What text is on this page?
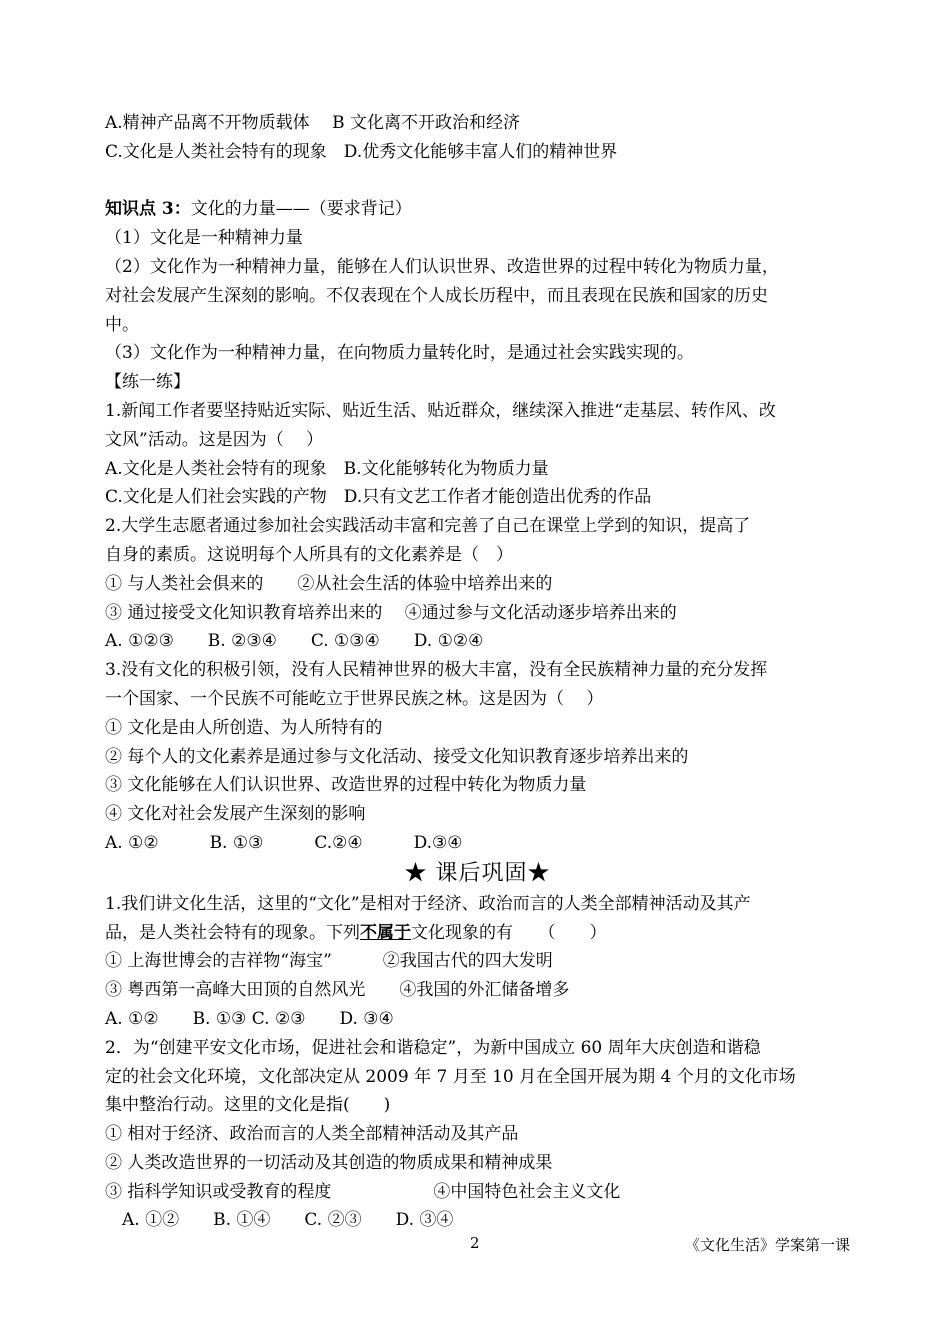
A.精神产品离不开物质载体　 B 文化离不开政治和经济
C.文化是人类社会特有的现象　D.优秀文化能够丰富人们的精神世界
知识点 3：文化的力量——（要求背记）
（1）文化是一种精神力量
（2）文化作为一种精神力量，能够在人们认识世界、改造世界的过程中转化为物质力量，
对社会发展产生深刻的影响。不仅表现在个人成长历程中，而且表现在民族和国家的历史
中。
（3）文化作为一种精神力量，在向物质力量转化时，是通过社会实践实现的。
【练一练】
1.新闻工作者要坚持贴近实际、贴近生活、贴近群众，继续深入推进“走基层、转作风、改
文风”活动。这是因为（　 ）
A.文化是人类社会特有的现象　B.文化能够转化为物质力量
C.文化是人们社会实践的产物　D.只有文艺工作者才能创造出优秀的作品
2.大学生志愿者通过参加社会实践活动丰富和完善了自己在课堂上学到的知识，提高了
自身的素质。这说明每个人所具有的文化素养是（　）
① 与人类社会俱来的　　②从社会生活的体验中培养出来的
③ 通过接受文化知识教育培养出来的　 ④通过参与文化活动逐步培养出来的
A. ①②③　　B. ②③④　　C. ①③④　　D. ①②④
3.没有文化的积极引领，没有人民精神世界的极大丰富，没有全民族精神力量的充分发挥
一个国家、一个民族不可能屹立于世界民族之林。这是因为（　 ）
① 文化是由人所创造、为人所特有的
② 每个人的文化素养是通过参与文化活动、接受文化知识教育逐步培养出来的
③ 文化能够在人们认识世界、改造世界的过程中转化为物质力量
④ 文化对社会发展产生深刻的影响
A. ①②　　　B. ①③　　　C.②④　　　D.③④
★ 课后巩固★
1.我们讲文化生活，这里的“文化”是相对于经济、政治而言的人类全部精神活动及其产
品，是人类社会特有的现象。下列不属于文化现象的有　　（　　）
① 上海世博会的吉祥物“海宝”　　　②我国古代的四大发明
③ 粤西第一高峰大田顶的自然风光　　④我国的外汇储备增多
A. ①②　　B. ①③ C. ②③　　D. ③④
2．为“创建平安文化市场，促进社会和谐稳定”，为新中国成立 60 周年大庆创造和谐稳
定的社会文化环境，文化部决定从 2009 年 7 月至 10 月在全国开展为期 4 个月的文化市场
集中整治行动。这里的文化是指(　　)
① 相对于经济、政治而言的人类全部精神活动及其产品
② 人类改造世界的一切活动及其创造的物质成果和精神成果
③ 指科学知识或受教育的程度　　　　　　④中国特色社会主义文化
　A. ①②　　B. ①④　　C. ②③　　D. ③④
2	《文化生活》学案第一课
